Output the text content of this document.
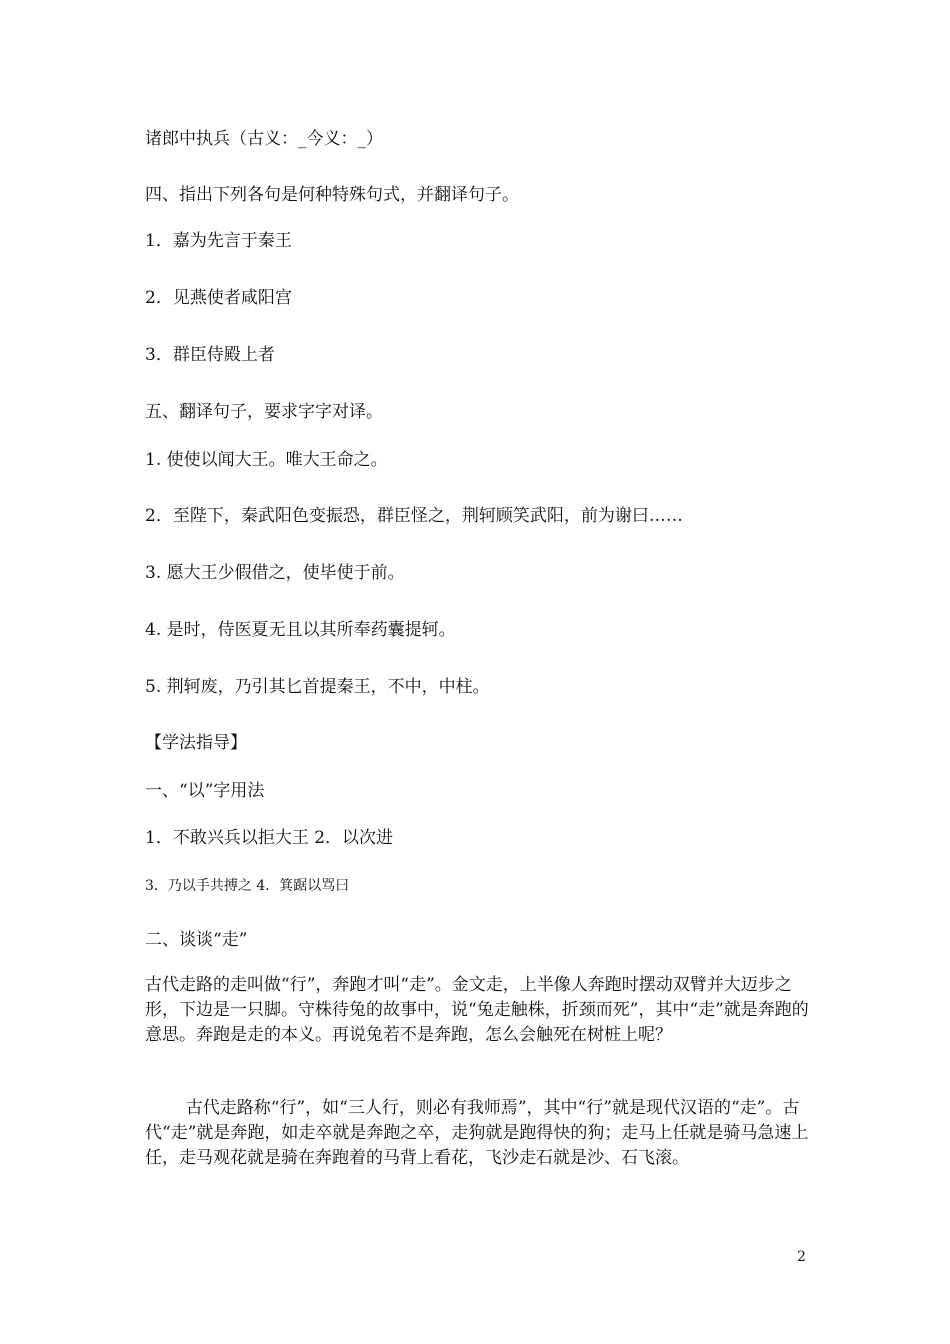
诸郎中执兵（古义：_今义：_）
四、指出下列各句是何种特殊句式，并翻译句子。
1．嘉为先言于秦王
2．见燕使者咸阳宫
3．群臣侍殿上者
五、翻译句子，要求字字对译。
1. 使使以闻大王。唯大王命之。
2．至陛下，秦武阳色变振恐，群臣怪之，荆轲顾笑武阳，前为谢曰……
3. 愿大王少假借之，使毕使于前。
4. 是时，侍医夏无且以其所奉药囊提轲。
5. 荆轲废，乃引其匕首提秦王，不中，中柱。
【学法指导】
一、“以”字用法
1．不敢兴兵以拒大王 2．以次进
3．乃以手共搏之 4．箕踞以骂曰
二、谈谈“走”
古代走路的走叫做“行”，奔跑才叫“走”。金文走，上半像人奔跑时摆动双臂并大迈步之形，下边是一只脚。守株待兔的故事中，说“兔走触株，折颈而死”，其中“走”就是奔跑的意思。奔跑是走的本义。再说兔若不是奔跑，怎么会触死在树桩上呢？
古代走路称“行”，如“三人行，则必有我师焉”，其中“行”就是现代汉语的“走”。古代“走”就是奔跑，如走卒就是奔跑之卒，走狗就是跑得快的狗；走马上任就是骑马急速上任，走马观花就是骑在奔跑着的马背上看花，飞沙走石就是沙、石飞滚。
2
